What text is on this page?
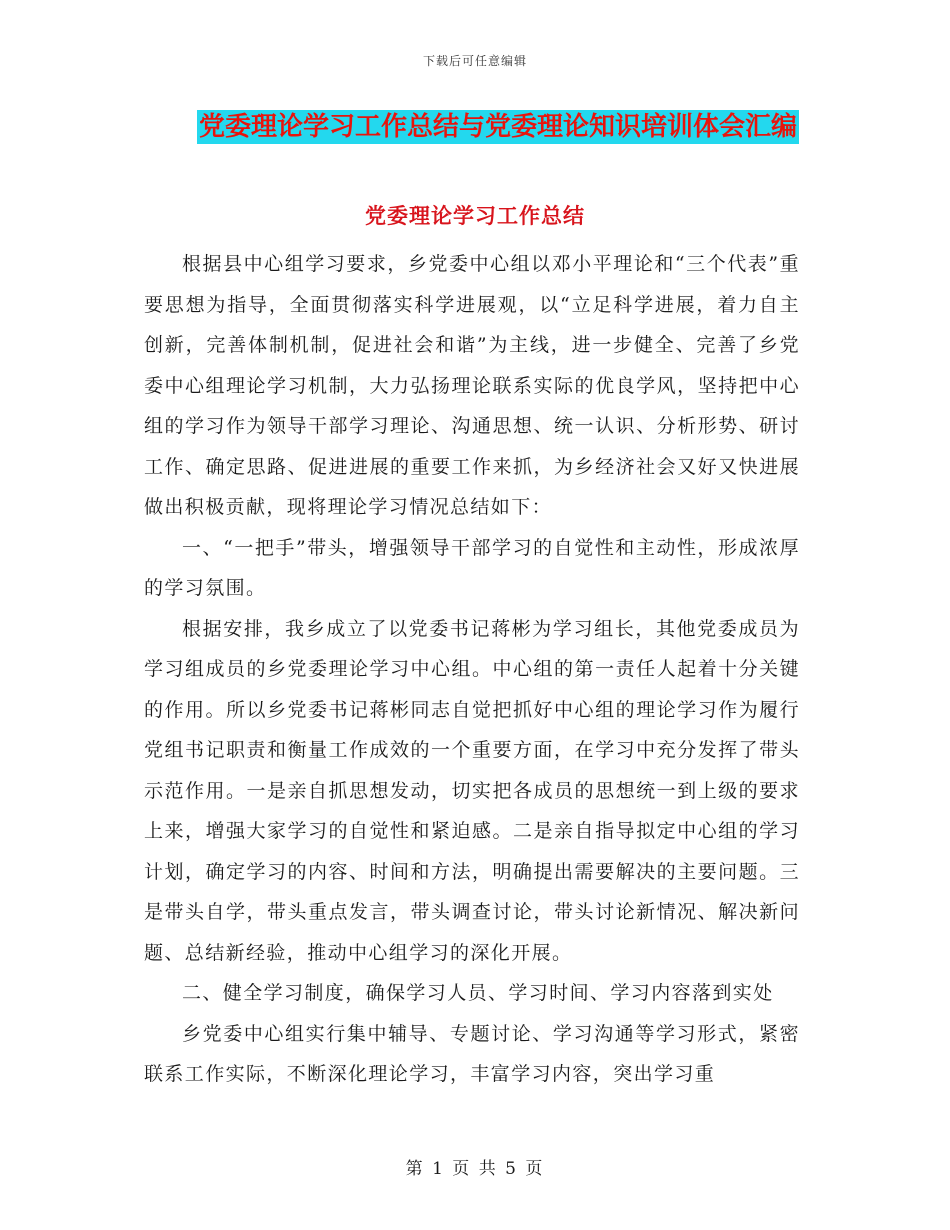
下载后可任意编辑
党委理论学习工作总结与党委理论知识培训体会汇编
党委理论学习工作总结

根据县中心组学习要求，乡党委中心组以邓小平理论和“三个代表”重要思想为指导，全面贯彻落实科学进展观，以“立足科学进展，着力自主创新，完善体制机制，促进社会和谐”为主线，进一步健全、完善了乡党委中心组理论学习机制，大力弘扬理论联系实际的优良学风，坚持把中心组的学习作为领导干部学习理论、沟通思想、统一认识、分析形势、研讨工作、确定思路、促进进展的重要工作来抓，为乡经济社会又好又快进展做出积极贡献，现将理论学习情况总结如下：

一、“一把手”带头，增强领导干部学习的自觉性和主动性，形成浓厚的学习氛围。

根据安排，我乡成立了以党委书记蒋彬为学习组长，其他党委成员为学习组成员的乡党委理论学习中心组。中心组的第一责任人起着十分关键的作用。所以乡党委书记蒋彬同志自觉把抓好中心组的理论学习作为履行党组书记职责和衡量工作成效的一个重要方面，在学习中充分发挥了带头示范作用。一是亲自抓思想发动，切实把各成员的思想统一到上级的要求上来，增强大家学习的自觉性和紧迫感。二是亲自指导拟定中心组的学习计划，确定学习的内容、时间和方法，明确提出需要解决的主要问题。三是带头自学，带头重点发言，带头调查讨论，带头讨论新情况、解决新问题、总结新经验，推动中心组学习的深化开展。

二、健全学习制度，确保学习人员、学习时间、学习内容落到实处

乡党委中心组实行集中辅导、专题讨论、学习沟通等学习形式，紧密联系工作实际，不断深化理论学习，丰富学习内容，突出学习重

第 1 页 共 5 页
